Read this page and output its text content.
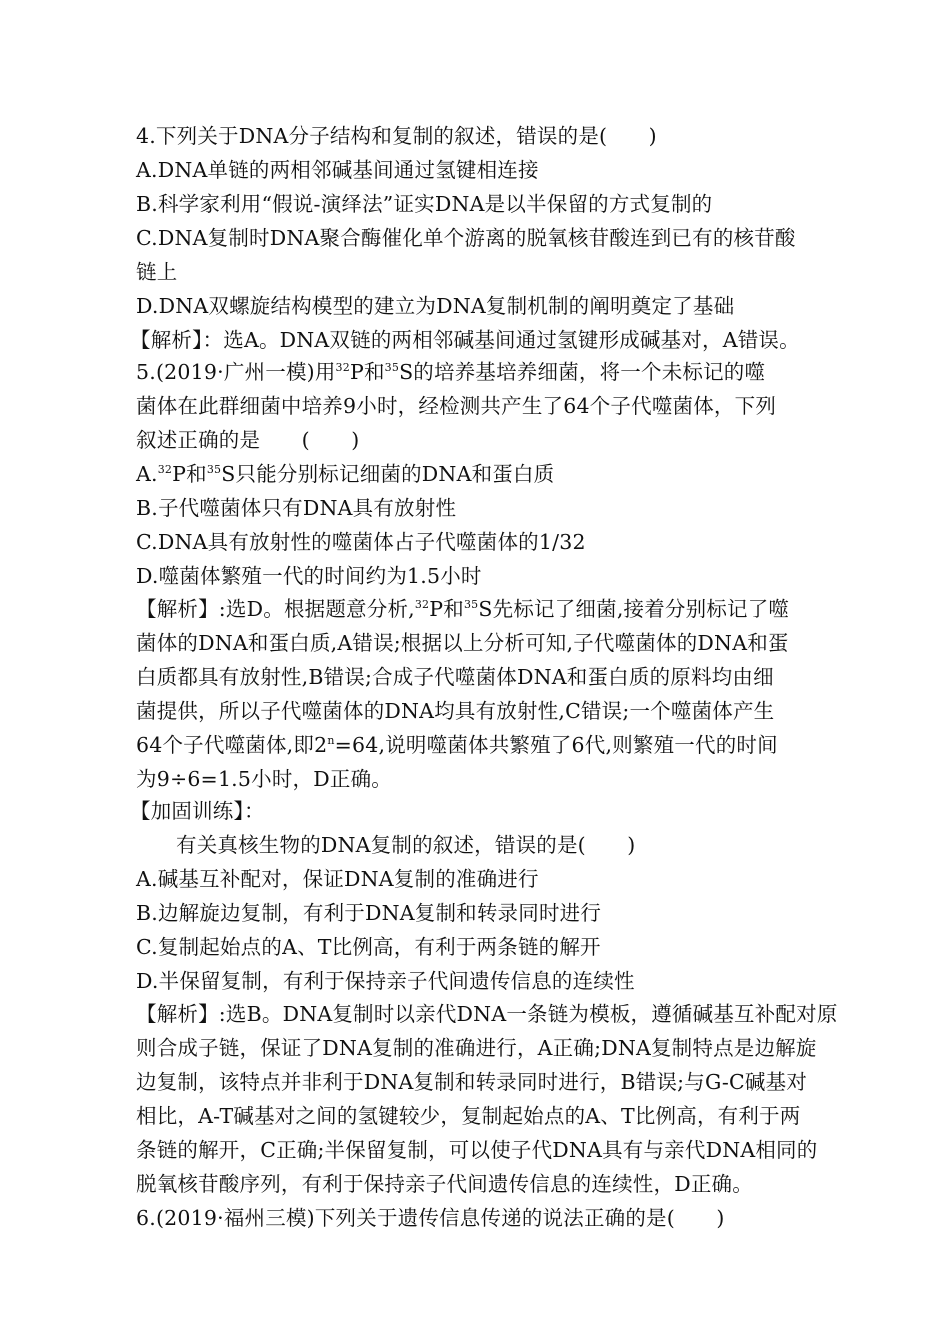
4.下列关于DNA分子结构和复制的叙述，错误的是(　　)
A.DNA单链的两相邻碱基间通过氢键相连接
B.科学家利用“假说-演绎法”证实DNA是以半保留的方式复制的
C.DNA复制时DNA聚合酶催化单个游离的脱氧核苷酸连到已有的核苷酸
链上
D.DNA双螺旋结构模型的建立为DNA复制机制的阐明奠定了基础
【解析】：选A。DNA双链的两相邻碱基间通过氢键形成碱基对，A错误。
5.(2019·广州一模)用$^{32}$P和$^{35}$S的培养基培养细菌，将一个未标记的噬
菌体在此群细菌中培养9小时，经检测共产生了64个子代噬菌体，下列
叙述正确的是　　(　　)
A.$^{32}$P和$^{35}$S只能分别标记细菌的DNA和蛋白质
B.子代噬菌体只有DNA具有放射性
C.DNA具有放射性的噬菌体占子代噬菌体的1/32
D.噬菌体繁殖一代的时间约为1.5小时
【解析】:选D。根据题意分析,$^{32}$P和$^{35}$S先标记了细菌,接着分别标记了噬
菌体的DNA和蛋白质,A错误;根据以上分析可知,子代噬菌体的DNA和蛋
白质都具有放射性,B错误;合成子代噬菌体DNA和蛋白质的原料均由细
菌提供，所以子代噬菌体的DNA均具有放射性,C错误;一个噬菌体产生
64个子代噬菌体,即$2^n=64$,说明噬菌体共繁殖了6代,则繁殖一代的时间
为9÷6=1.5小时，D正确。
【加固训练】：
有关真核生物的DNA复制的叙述，错误的是(　　)
A.碱基互补配对，保证DNA复制的准确进行
B.边解旋边复制，有利于DNA复制和转录同时进行
C.复制起始点的A、T比例高，有利于两条链的解开
D.半保留复制，有利于保持亲子代间遗传信息的连续性
【解析】:选B。DNA复制时以亲代DNA一条链为模板，遵循碱基互补配对原
则合成子链，保证了DNA复制的准确进行，A正确;DNA复制特点是边解旋
边复制，该特点并非利于DNA复制和转录同时进行，B错误;与G-C碱基对
相比，A-T碱基对之间的氢键较少，复制起始点的A、T比例高，有利于两
条链的解开，C正确;半保留复制，可以使子代DNA具有与亲代DNA相同的
脱氧核苷酸序列，有利于保持亲子代间遗传信息的连续性，D正确。
6.(2019·福州三模)下列关于遗传信息传递的说法正确的是(　　)
